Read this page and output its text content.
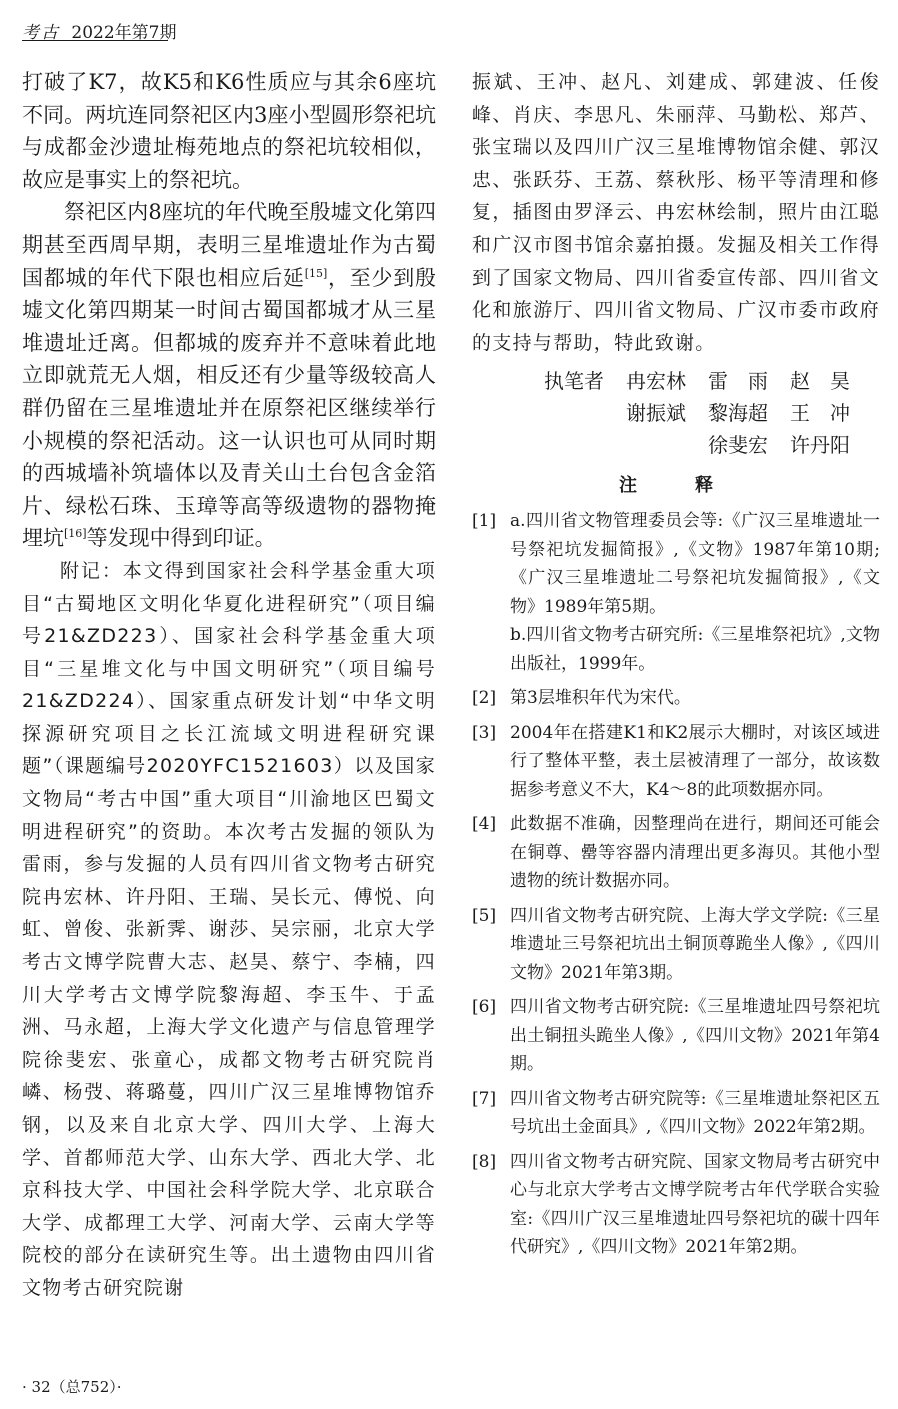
考古 2022年第7期

打破了K7，故K5和K6性质应与其余6座坑不同。两坑连同祭祀区内3座小型圆形祭祀坑与成都金沙遗址梅苑地点的祭祀坑较相似，故应是事实上的祭祀坑。

祭祀区内8座坑的年代晚至殷墟文化第四期甚至西周早期，表明三星堆遗址作为古蜀国都城的年代下限也相应后延[15]，至少到殷墟文化第四期某一时间古蜀国都城才从三星堆遗址迁离。但都城的废弃并不意味着此地立即就荒无人烟，相反还有少量等级较高人群仍留在三星堆遗址并在原祭祀区继续举行小规模的祭祀活动。这一认识也可从同时期的西城墙补筑墙体以及青关山土台包含金箔片、绿松石珠、玉璋等高等级遗物的器物掩埋坑[16]等发现中得到印证。

附记：本文得到国家社会科学基金重大项目“古蜀地区文明化华夏化进程研究”（项目编号21&ZD223）、国家社会科学基金重大项目“三星堆文化与中国文明研究”（项目编号21&ZD224）、国家重点研发计划“中华文明探源研究项目之长江流域文明进程研究课题”（课题编号2020YFC1521603）以及国家文物局“考古中国”重大项目“川渝地区巴蜀文明进程研究”的资助。本次考古发掘的领队为雷雨，参与发掘的人员有四川省文物考古研究院冉宏林、许丹阳、王瑞、吴长元、傅悦、向虹、曾俊、张新霁、谢莎、吴宗丽，北京大学考古文博学院曹大志、赵昊、蔡宁、李楠，四川大学考古文博学院黎海超、李玉牛、于孟洲、马永超，上海大学文化遗产与信息管理学院徐斐宏、张童心，成都文物考古研究院肖嶙、杨弢、蒋璐蔓，四川广汉三星堆博物馆乔钢，以及来自北京大学、四川大学、上海大学、首都师范大学、山东大学、西北大学、北京科技大学、中国社会科学院大学、北京联合大学、成都理工大学、河南大学、云南大学等院校的部分在读研究生等。出土遗物由四川省文物考古研究院谢

振斌、王冲、赵凡、刘建成、郭建波、任俊峰、肖庆、李思凡、朱丽萍、马勤松、郑芦、张宝瑞以及四川广汉三星堆博物馆余健、郭汉忠、张跃芬、王荔、蔡秋彤、杨平等清理和修复，插图由罗泽云、冉宏林绘制，照片由江聪和广汉市图书馆余嘉拍摄。发掘及相关工作得到了国家文物局、四川省委宣传部、四川省文化和旅游厅、四川省文物局、广汉市委市政府的支持与帮助，特此致谢。

执笔者 冉宏林 雷　雨 赵　昊
谢振斌 黎海超 王　冲
徐斐宏 许丹阳
注　释
[1] a.四川省文物管理委员会等:《广汉三星堆遗址一号祭祀坑发掘简报》,《文物》1987年第10期;《广汉三星堆遗址二号祭祀坑发掘简报》,《文物》1989年第5期。

b.四川省文物考古研究所:《三星堆祭祀坑》,文物出版社，1999年。

[2] 第3层堆积年代为宋代。

[3] 2004年在搭建K1和K2展示大棚时，对该区域进行了整体平整，表土层被清理了一部分，故该数据参考意义不大，K4～8的此项数据亦同。

[4] 此数据不准确，因整理尚在进行，期间还可能会在铜尊、罍等容器内清理出更多海贝。其他小型遗物的统计数据亦同。

[5] 四川省文物考古研究院、上海大学文学院:《三星堆遗址三号祭祀坑出土铜顶尊跪坐人像》,《四川文物》2021年第3期。

[6] 四川省文物考古研究院:《三星堆遗址四号祭祀坑出土铜扭头跪坐人像》,《四川文物》2021年第4期。

[7] 四川省文物考古研究院等:《三星堆遗址祭祀区五号坑出土金面具》,《四川文物》2022年第2期。

[8] 四川省文物考古研究院、国家文物局考古研究中心与北京大学考古文博学院考古年代学联合实验室:《四川广汉三星堆遗址四号祭祀坑的碳十四年代研究》,《四川文物》2021年第2期。

· 32（总752）·
